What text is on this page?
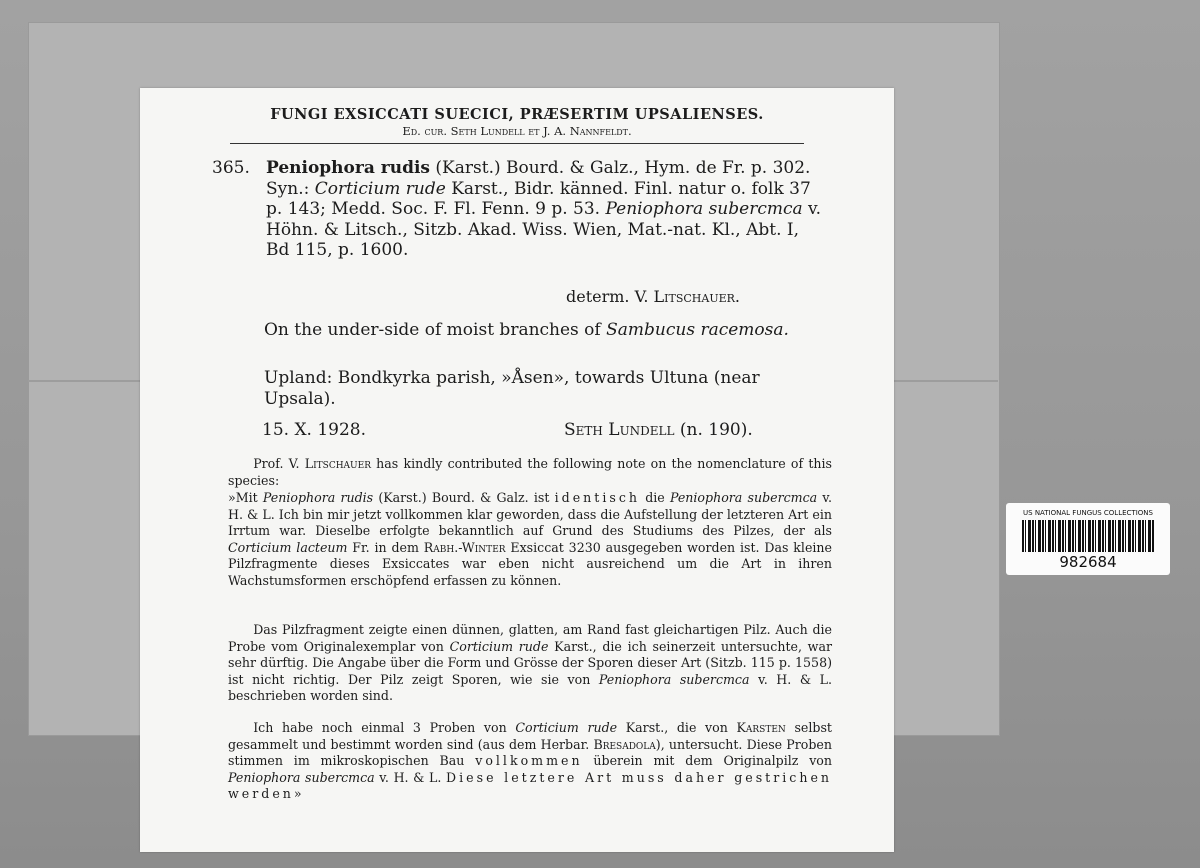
FUNGI EXSICCATI SUECICI, PRÆSERTIM UPSALIENSES.
Ed. cur. Seth Lundell et J. A. Nannfeldt.
365. Peniophora rudis (Karst.) Bourd. & Galz., Hym. de Fr. p. 302. Syn.: Corticium rude Karst., Bidr. känned. Finl. natur o. folk 37 p. 143; Medd. Soc. F. Fl. Fenn. 9 p. 53. Peniophora subercmca v. Höhn. & Litsch., Sitzb. Akad. Wiss. Wien, Mat.-nat. Kl., Abt. I, Bd 115, p. 1600.
determ. V. Litschauer.
On the under-side of moist branches of Sambucus racemosa.
Upland: Bondkyrka parish, »Åsen», towards Ultuna (near Upsala).
15. X. 1928.	Seth Lundell (n. 190).
Prof. V. Litschauer has kindly contributed the following note on the nomenclature of this species:
»Mit Peniophora rudis (Karst.) Bourd. & Galz. ist identisch die Peniophora subercmca v. H. & L. Ich bin mir jetzt vollkommen klar geworden, dass die Aufstellung der letzteren Art ein Irrtum war. Dieselbe erfolgte bekanntlich auf Grund des Studiums des Pilzes, der als Corticium lacteum Fr. in dem Rabh.-Winter Exsiccat 3230 ausgegeben worden ist. Das kleine Pilzfragmente dieses Exsiccates war eben nicht ausreichend um die Art in ihren Wachstumsformen erschöpfend erfassen zu können.
Das Pilzfragment zeigte einen dünnen, glatten, am Rand fast gleichartigen Pilz. Auch die Probe vom Originalexemplar von Corticium rude Karst., die ich seinerzeit untersuchte, war sehr dürftig. Die Angabe über die Form und Grösse der Sporen dieser Art (Sitzb. 115 p. 1558) ist nicht richtig. Der Pilz zeigt Sporen, wie sie von Peniophora subercmca v. H. & L. beschrieben worden sind.
Ich habe noch einmal 3 Proben von Corticium rude Karst., die von Karsten selbst gesammelt und bestimmt worden sind (aus dem Herbar. Bresadola), untersucht. Diese Proben stimmen im mikroskopischen Bau vollkommen überein mit dem Originalpilz von Peniophora subercmca v. H. & L. Diese letztere Art muss daher gestrichen werden»
US NATIONAL FUNGUS COLLECTIONS
982684
